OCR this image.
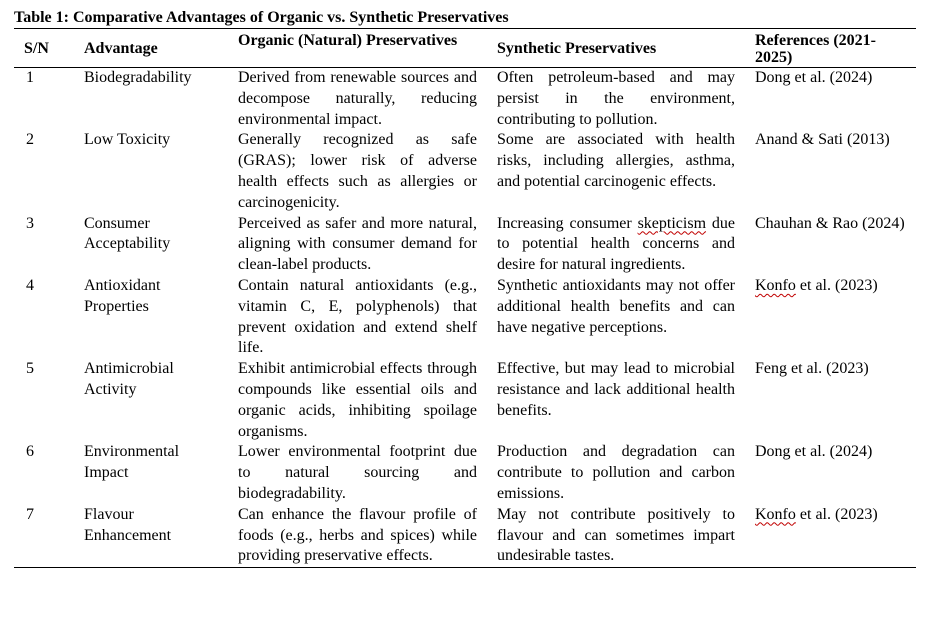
Table 1: Comparative Advantages of Organic vs. Synthetic Preservatives
S/N	Advantage	Organic (Natural) Preservatives	Synthetic Preservatives	References (2021-2025)
1	Biodegradability	Derived from renewable sources and decompose naturally, reducing environmental impact.	Often petroleum-based and may persist in the environment, contributing to pollution.	Dong et al. (2024)
2	Low Toxicity	Generally recognized as safe (GRAS); lower risk of adverse health effects such as allergies or carcinogenicity.	Some are associated with health risks, including allergies, asthma, and potential carcinogenic effects.	Anand & Sati (2013)
3	Consumer Acceptability	Perceived as safer and more natural, aligning with consumer demand for clean-label products.	Increasing consumer skepticism due to potential health concerns and desire for natural ingredients.	Chauhan & Rao (2024)
4	Antioxidant Properties	Contain natural antioxidants (e.g., vitamin C, E, polyphenols) that prevent oxidation and extend shelf life.	Synthetic antioxidants may not offer additional health benefits and can have negative perceptions.	Konfo et al. (2023)
5	Antimicrobial Activity	Exhibit antimicrobial effects through compounds like essential oils and organic acids, inhibiting spoilage organisms.	Effective, but may lead to microbial resistance and lack additional health benefits.	Feng et al. (2023)
6	Environmental Impact	Lower environmental footprint due to natural sourcing and biodegradability.	Production and degradation can contribute to pollution and carbon emissions.	Dong et al. (2024)
7	Flavour Enhancement	Can enhance the flavour profile of foods (e.g., herbs and spices) while providing preservative effects.	May not contribute positively to flavour and can sometimes impart undesirable tastes.	Konfo et al. (2023)
